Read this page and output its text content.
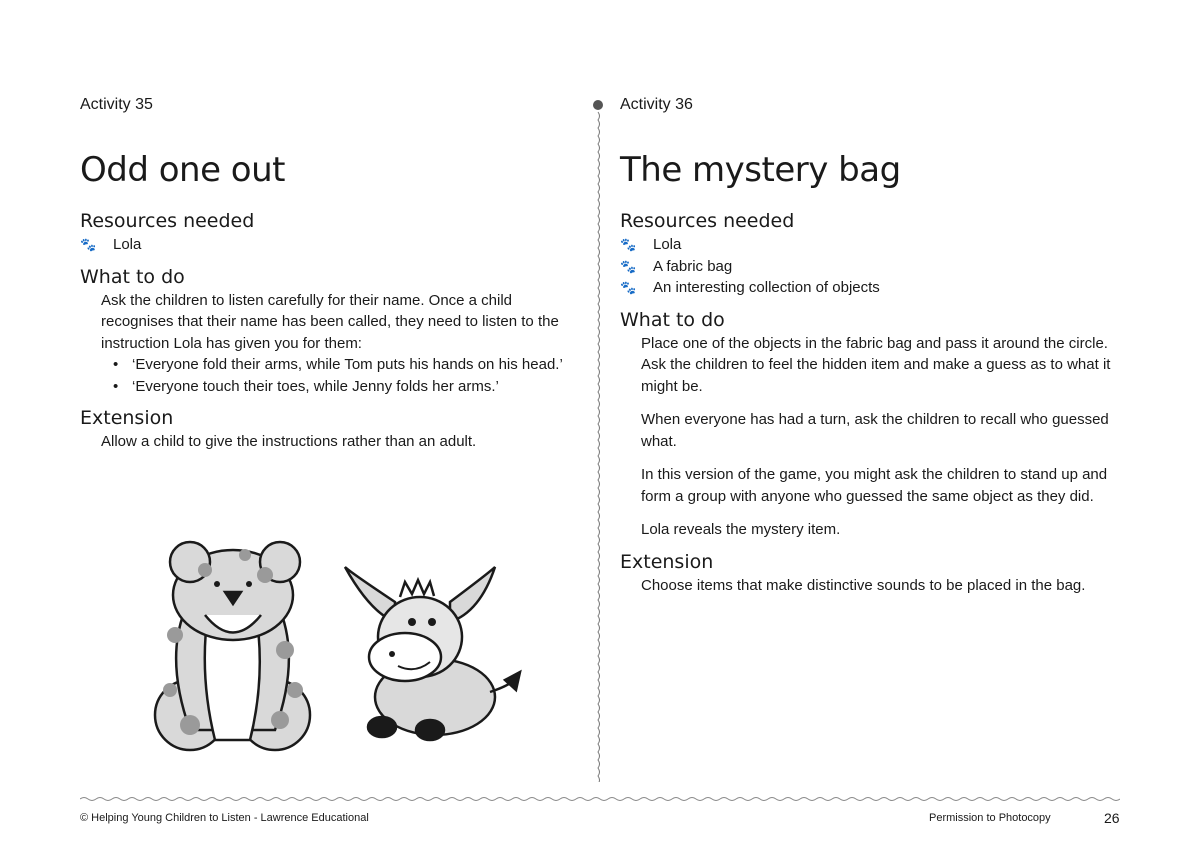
Activity 35

Odd one out
Resources needed
🐾	Lola
What to do

Ask the children to listen carefully for their name. Once a child recognises that their name has been called, they need to listen to the instruction Lola has given you for them:

• ‘Everyone fold their arms, while Tom puts his hands on his head.’
• ‘Everyone touch their toes, while Jenny folds her arms.’
Extension

Allow a child to give the instructions rather than an adult.

Activity 36

The mystery bag
Resources needed
🐾	Lola
🐾	A fabric bag
🐾	An interesting collection of objects
What to do

Place one of the objects in the fabric bag and pass it around the circle. Ask the children to feel the hidden item and make a guess as to what it might be.

When everyone has had a turn, ask the children to recall who guessed what.

In this version of the game, you might ask the children to stand up and form a group with anyone who guessed the same object as they did.

Lola reveals the mystery item.

Extension

Choose items that make distinctive sounds to be placed in the bag.

© Helping Young Children to Listen - Lawrence Educational	Permission to Photocopy	26
